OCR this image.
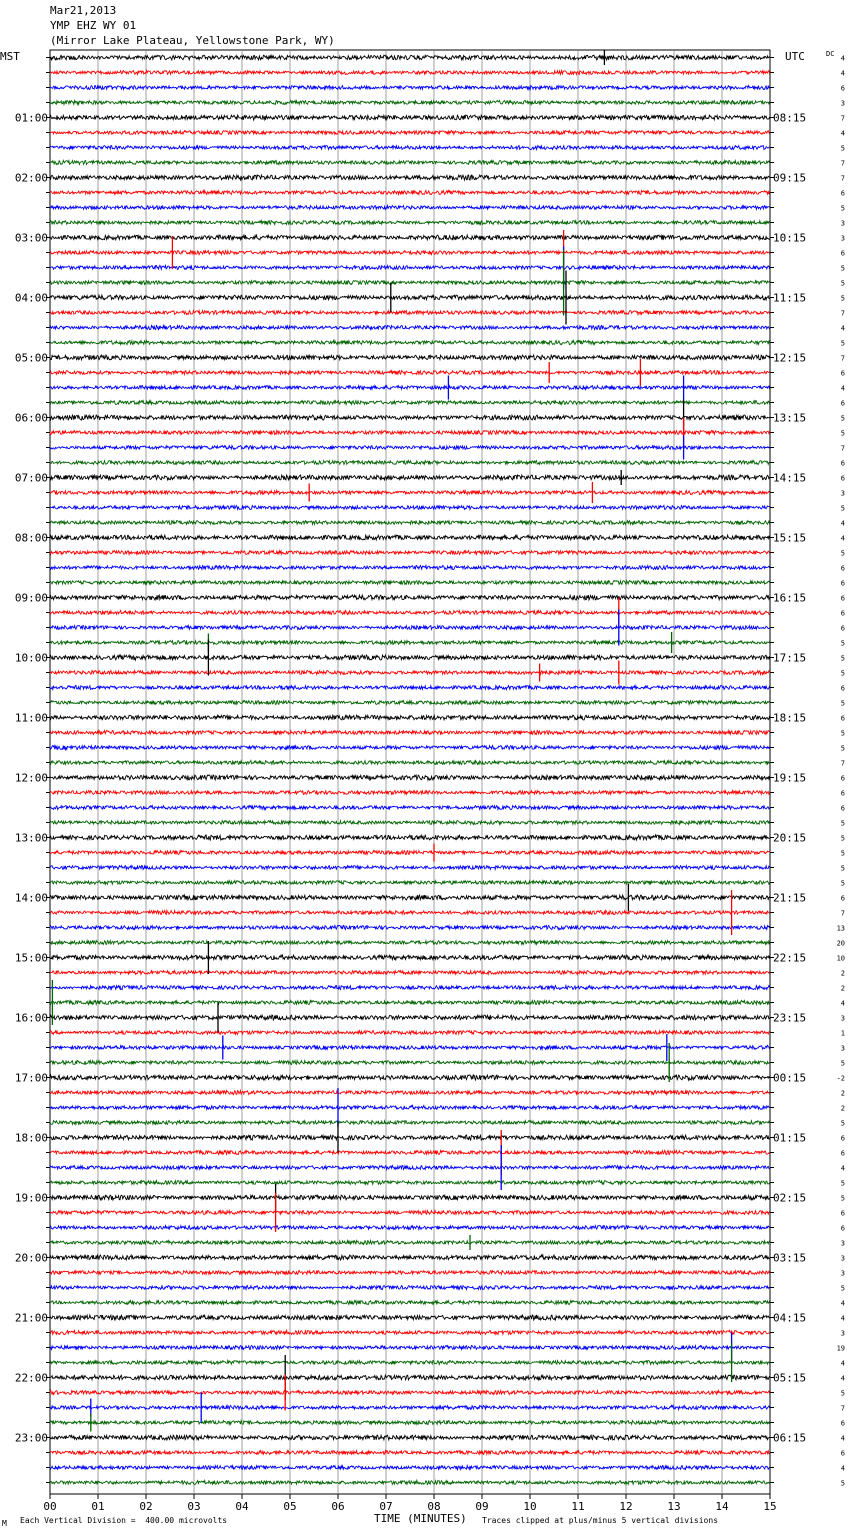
Mar21,2013
YMP EHZ WY 01
(Mirror Lake Plateau, Yellowstone Park, WY)
MST	UTC	DC
01:00
02:00
03:00
04:00
05:00
06:00
07:00
08:00
09:00
10:00
11:00
12:00
13:00
14:00
15:00
16:00
17:00
18:00
19:00
20:00
21:00
22:00
23:00
08:15
09:15
10:15
11:15
12:15
13:15
14:15
15:15
16:15
17:15
18:15
19:15
20:15
21:15
22:15
23:15
00:15
01:15
02:15
03:15
04:15
05:15
06:15
4
4
6
3
7
4
5
7
7
6
5
3
3
6
5
5
5
7
4
5
7
6
4
6
5
5
7
6
6
3
5
4
4
5
6
6
6
6
6
5
5
5
6
5
6
5
5
7
6
6
6
5
5
5
5
5
6
7
13
20
10
2
2
4
3
1
3
5
-2
2
2
5
6
6
4
5
5
6
6
3
3
3
5
4
4
3
19
4
4
5
7
6
4
6
4
5
00	01	02	03	04	05	06	07	08	09	10	11	12	13	14	15
TIME (MINUTES)
M Each Vertical Division =  400.00 microvolts	Traces clipped at plus/minus 5 vertical divisions
